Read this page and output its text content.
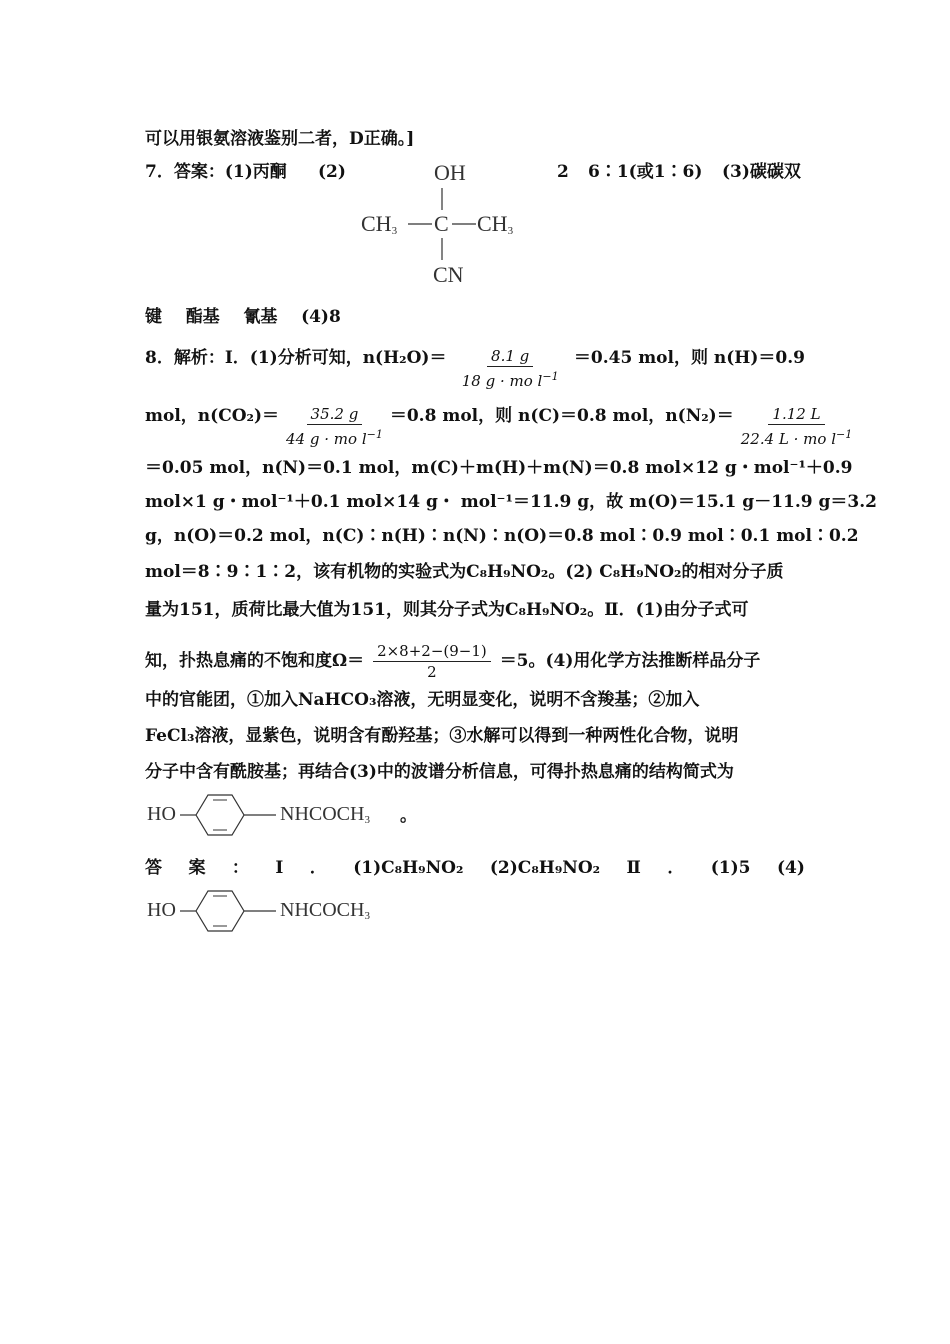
可以用银氨溶液鉴别二者，D正确。]
7．答案：(1)丙酮 (2)	2 6∶1(或1∶6) (3)碳碳双
OH
$CH_3$ C $CH_3$
CN
键 酯基 氰基 (4)8
8．解析：Ⅰ．(1)分析可知，$n(H_2O)= \frac{8.1 g}{18 g \cdot mo l^{-1}} =0.45$ mol，则 n(H)＝0.9
mol，$n(CO_2)= \frac{35.2 g}{44 g \cdot mo l^{-1}} =0.8$ mol，则 n(C)＝0.8 mol，$n(N_2)= \frac{1.12 L}{22.4 L \cdot mo l^{-1}}$
＝0.05 mol，n(N)＝0.1 mol，m(C)＋m(H)＋m(N)＝0.8 mol×12 g・mol⁻¹＋0.9
mol×1 g・mol⁻¹＋0.1 mol×14 g・ mol⁻¹＝11.9 g，故 m(O)＝15.1 g－11.9 g＝3.2
g，n(O)＝0.2 mol，n(C)∶n(H)∶n(N)∶n(O)＝0.8 mol∶0.9 mol∶0.1 mol∶0.2
mol＝8∶9∶1∶2，该有机物的实验式为C₈H₉NO₂。(2) C₈H₉NO₂的相对分子质
量为151，质荷比最大值为151，则其分子式为C₈H₉NO₂。Ⅱ．(1)由分子式可
知，扑热息痛的不饱和度$\Omega= \frac{2\times 8+2-(9-1)}{2} =5$。(4)用化学方法推断样品分子
中的官能团，①加入NaHCO₃溶液，无明显变化，说明不含羧基；②加入
FeCl₃溶液，显紫色，说明含有酚羟基；③水解可以得到一种两性化合物，说明
分子中含有酰胺基；再结合(3)中的波谱分析信息，可得扑热息痛的结构简式为
HO	$NHCOCH_3$ 。
答 案 ： Ⅰ ． (1)C₈H₉NO₂ (2)C₈H₉NO₂ Ⅱ ． (1)5 (4)
HO	$NHCOCH_3$
